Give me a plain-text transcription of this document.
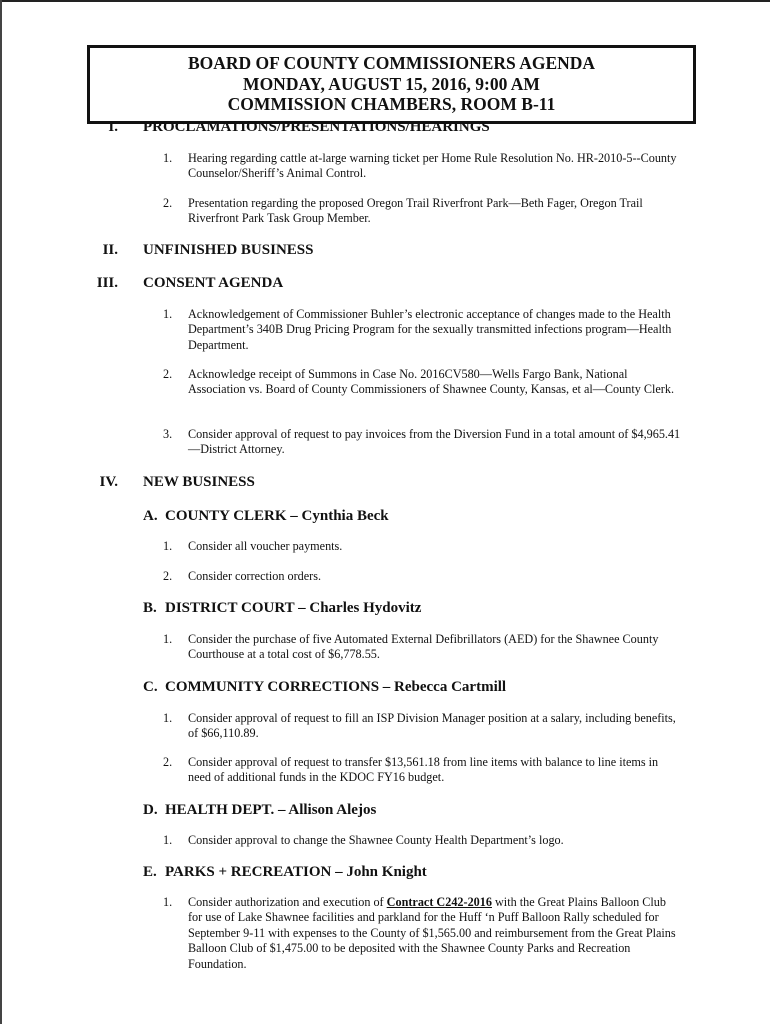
BOARD OF COUNTY COMMISSIONERS AGENDA
MONDAY, AUGUST 15, 2016, 9:00 AM
COMMISSION CHAMBERS, ROOM B-11
I. PROCLAMATIONS/PRESENTATIONS/HEARINGS
1.	Hearing regarding cattle at-large warning ticket per Home Rule Resolution No. HR-2010-5--County Counselor/Sheriff’s Animal Control.
2.	Presentation regarding the proposed Oregon Trail Riverfront Park—Beth Fager, Oregon Trail Riverfront Park Task Group Member.
II. UNFINISHED BUSINESS
III. CONSENT AGENDA
1.	Acknowledgement of Commissioner Buhler’s electronic acceptance of changes made to the Health Department’s 340B Drug Pricing Program for the sexually transmitted infections program—Health Department.
2.	Acknowledge receipt of Summons in Case No. 2016CV580—Wells Fargo Bank, National Association vs. Board of County Commissioners of Shawnee County, Kansas, et al—County Clerk.
3.	Consider approval of request to pay invoices from the Diversion Fund in a total amount of $4,965.41—District Attorney.
IV. NEW BUSINESS
A. COUNTY CLERK – Cynthia Beck
1.	Consider all voucher payments.
2.	Consider correction orders.
B. DISTRICT COURT – Charles Hydovitz
1.	Consider the purchase of five Automated External Defibrillators (AED) for the Shawnee County Courthouse at a total cost of $6,778.55.
C. COMMUNITY CORRECTIONS – Rebecca Cartmill
1.	Consider approval of request to fill an ISP Division Manager position at a salary, including benefits, of $66,110.89.
2.	Consider approval of request to transfer $13,561.18 from line items with balance to line items in need of additional funds in the KDOC FY16 budget.
D. HEALTH DEPT. – Allison Alejos
1.	Consider approval to change the Shawnee County Health Department’s logo.
E. PARKS + RECREATION – John Knight
1.	Consider authorization and execution of Contract C242-2016 with the Great Plains Balloon Club for use of Lake Shawnee facilities and parkland for the Huff ‘n Puff Balloon Rally scheduled for September 9-11 with expenses to the County of $1,565.00 and reimbursement from the Great Plains Balloon Club of $1,475.00 to be deposited with the Shawnee County Parks and Recreation Foundation.
